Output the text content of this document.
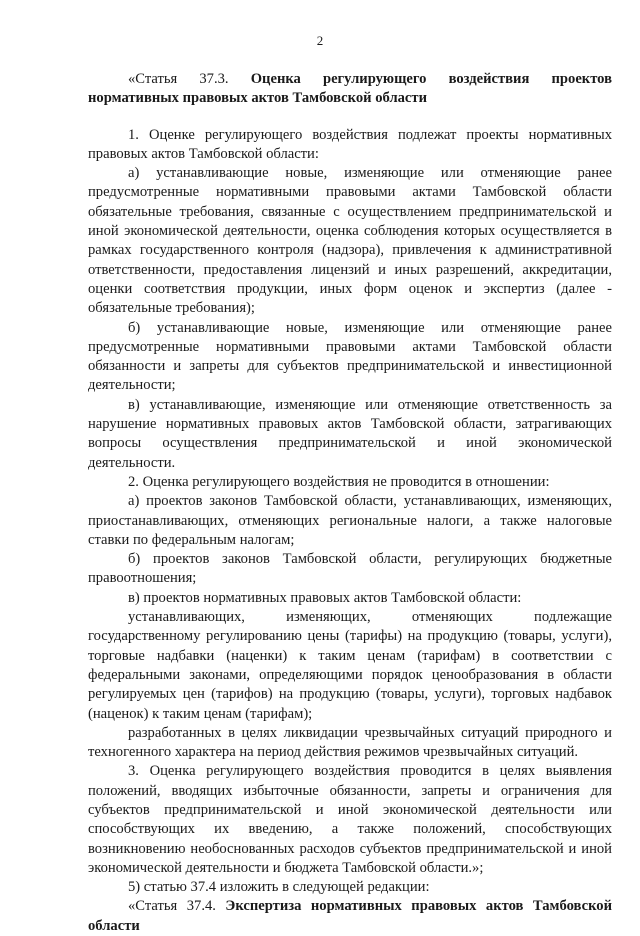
2

«Статья 37.3. Оценка регулирующего воздействия проектов нормативных правовых актов Тамбовской области

1. Оценке регулирующего воздействия подлежат проекты нормативных правовых актов Тамбовской области:

а) устанавливающие новые, изменяющие или отменяющие ранее предусмотренные нормативными правовыми актами Тамбовской области обязательные требования, связанные с осуществлением предпринимательской и иной экономической деятельности, оценка соблюдения которых осуществляется в рамках государственного контроля (надзора), привлечения к административной ответственности, предоставления лицензий и иных разрешений, аккредитации, оценки соответствия продукции, иных форм оценок и экспертиз (далее - обязательные требования);

б) устанавливающие новые, изменяющие или отменяющие ранее предусмотренные нормативными правовыми актами Тамбовской области обязанности и запреты для субъектов предпринимательской и инвестиционной деятельности;

в) устанавливающие, изменяющие или отменяющие ответственность за нарушение нормативных правовых актов Тамбовской области, затрагивающих вопросы осуществления предпринимательской и иной экономической деятельности.

2. Оценка регулирующего воздействия не проводится в отношении:

а) проектов законов Тамбовской области, устанавливающих, изменяющих, приостанавливающих, отменяющих региональные налоги, а также налоговые ставки по федеральным налогам;

б) проектов законов Тамбовской области, регулирующих бюджетные правоотношения;

в) проектов нормативных правовых актов Тамбовской области:

устанавливающих, изменяющих, отменяющих подлежащие государственному регулированию цены (тарифы) на продукцию (товары, услуги), торговые надбавки (наценки) к таким ценам (тарифам) в соответствии с федеральными законами, определяющими порядок ценообразования в области регулируемых цен (тарифов) на продукцию (товары, услуги), торговых надбавок (наценок) к таким ценам (тарифам);

разработанных в целях ликвидации чрезвычайных ситуаций природного и техногенного характера на период действия режимов чрезвычайных ситуаций.

3. Оценка регулирующего воздействия проводится в целях выявления положений, вводящих избыточные обязанности, запреты и ограничения для субъектов предпринимательской и иной экономической деятельности или способствующих их введению, а также положений, способствующих возникновению необоснованных расходов субъектов предпринимательской и иной экономической деятельности и бюджета Тамбовской области.»;

5) статью 37.4 изложить в следующей редакции:

«Статья 37.4. Экспертиза нормативных правовых актов Тамбовской области
